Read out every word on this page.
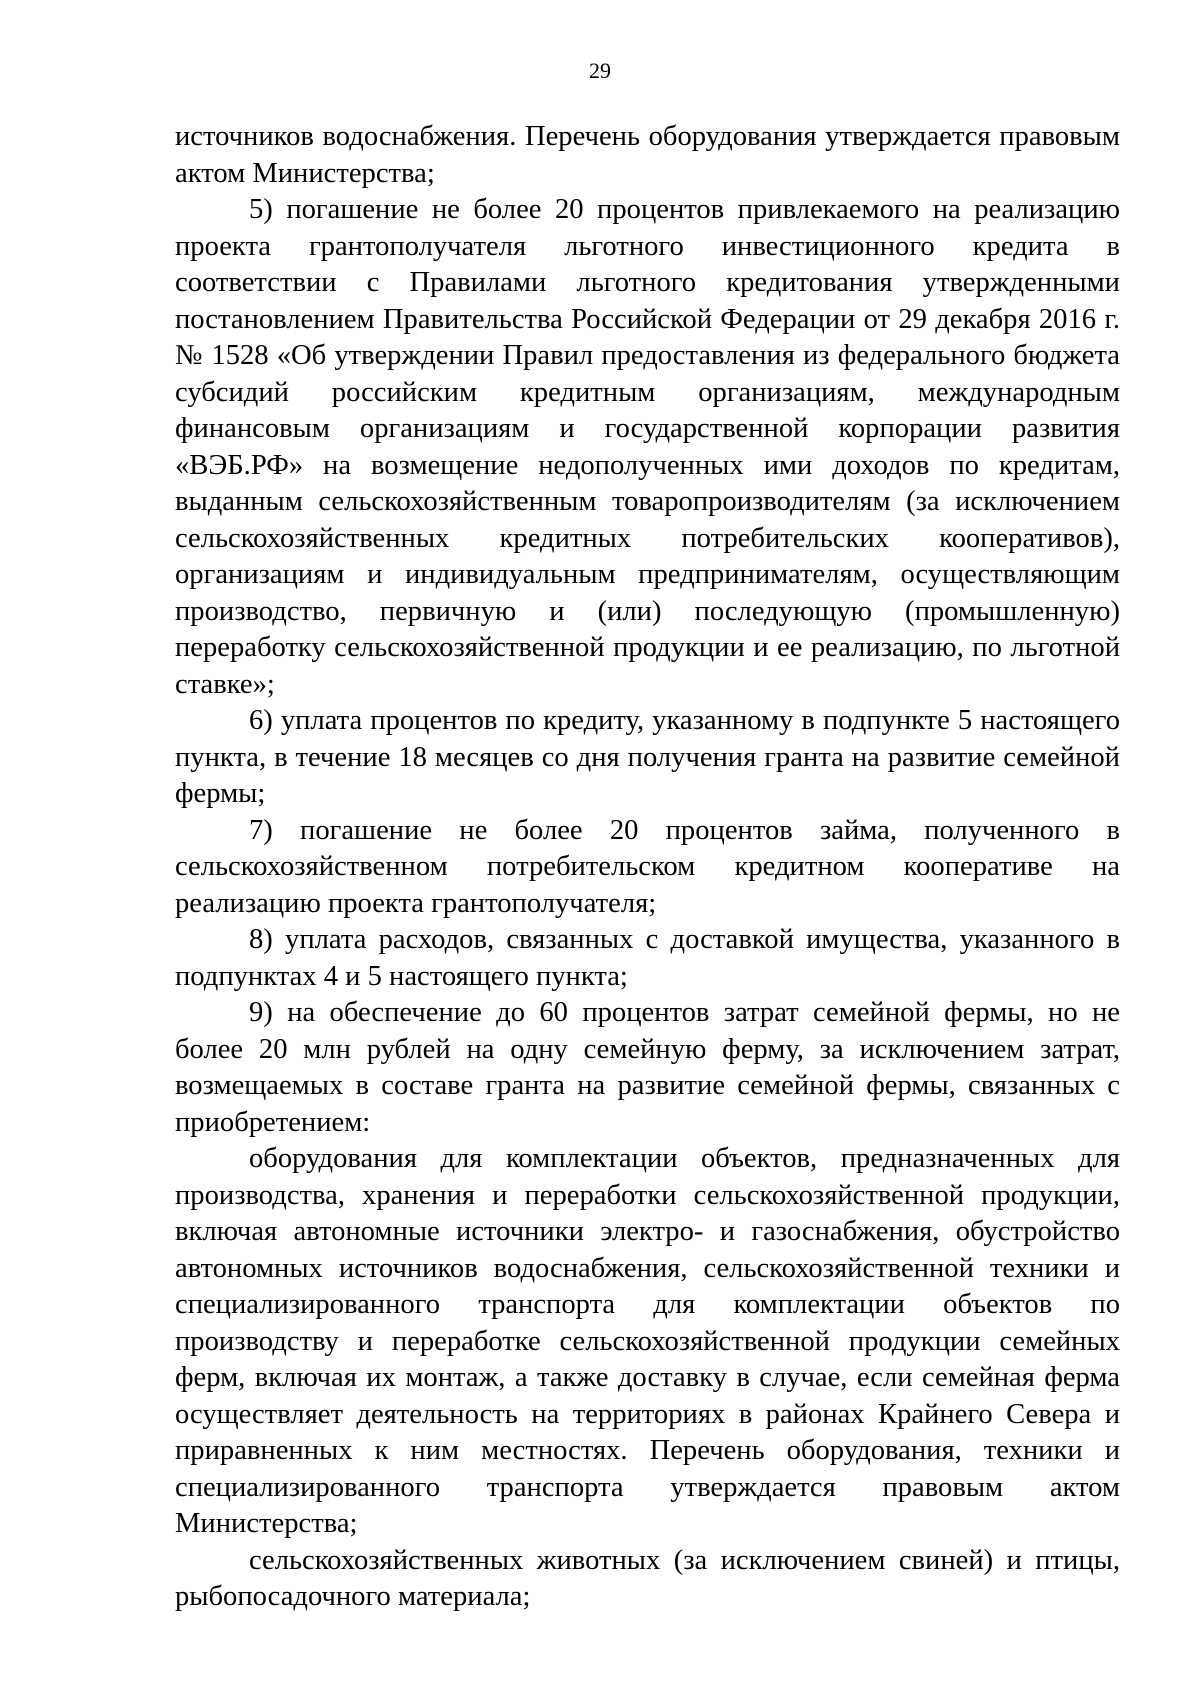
29

источников водоснабжения. Перечень оборудования утверждается правовым актом Министерства;

5) погашение не более 20 процентов привлекаемого на реализацию проекта грантополучателя льготного инвестиционного кредита в соответствии с Правилами льготного кредитования утвержденными постановлением Правительства Российской Федерации от 29 декабря 2016 г. № 1528 «Об утверждении Правил предоставления из федерального бюджета субсидий российским кредитным организациям, международным финансовым организациям и государственной корпорации развития «ВЭБ.РФ» на возмещение недополученных ими доходов по кредитам, выданным сельскохозяйственным товаропроизводителям (за исключением сельскохозяйственных кредитных потребительских кооперативов), организациям и индивидуальным предпринимателям, осуществляющим производство, первичную и (или) последующую (промышленную) переработку сельскохозяйственной продукции и ее реализацию, по льготной ставке»;

6) уплата процентов по кредиту, указанному в подпункте 5 настоящего пункта, в течение 18 месяцев со дня получения гранта на развитие семейной фермы;

7) погашение не более 20 процентов займа, полученного в сельскохозяйственном потребительском кредитном кооперативе на реализацию проекта грантополучателя;

8) уплата расходов, связанных с доставкой имущества, указанного в подпунктах 4 и 5 настоящего пункта;

9) на обеспечение до 60 процентов затрат семейной фермы, но не более 20 млн рублей на одну семейную ферму, за исключением затрат, возмещаемых в составе гранта на развитие семейной фермы, связанных с приобретением:

оборудования для комплектации объектов, предназначенных для производства, хранения и переработки сельскохозяйственной продукции, включая автономные источники электро- и газоснабжения, обустройство автономных источников водоснабжения, сельскохозяйственной техники и специализированного транспорта для комплектации объектов по производству и переработке сельскохозяйственной продукции семейных ферм, включая их монтаж, а также доставку в случае, если семейная ферма осуществляет деятельность на территориях в районах Крайнего Севера и приравненных к ним местностях. Перечень оборудования, техники и специализированного транспорта утверждается правовым актом Министерства;

сельскохозяйственных животных (за исключением свиней) и птицы, рыбопосадочного материала;
